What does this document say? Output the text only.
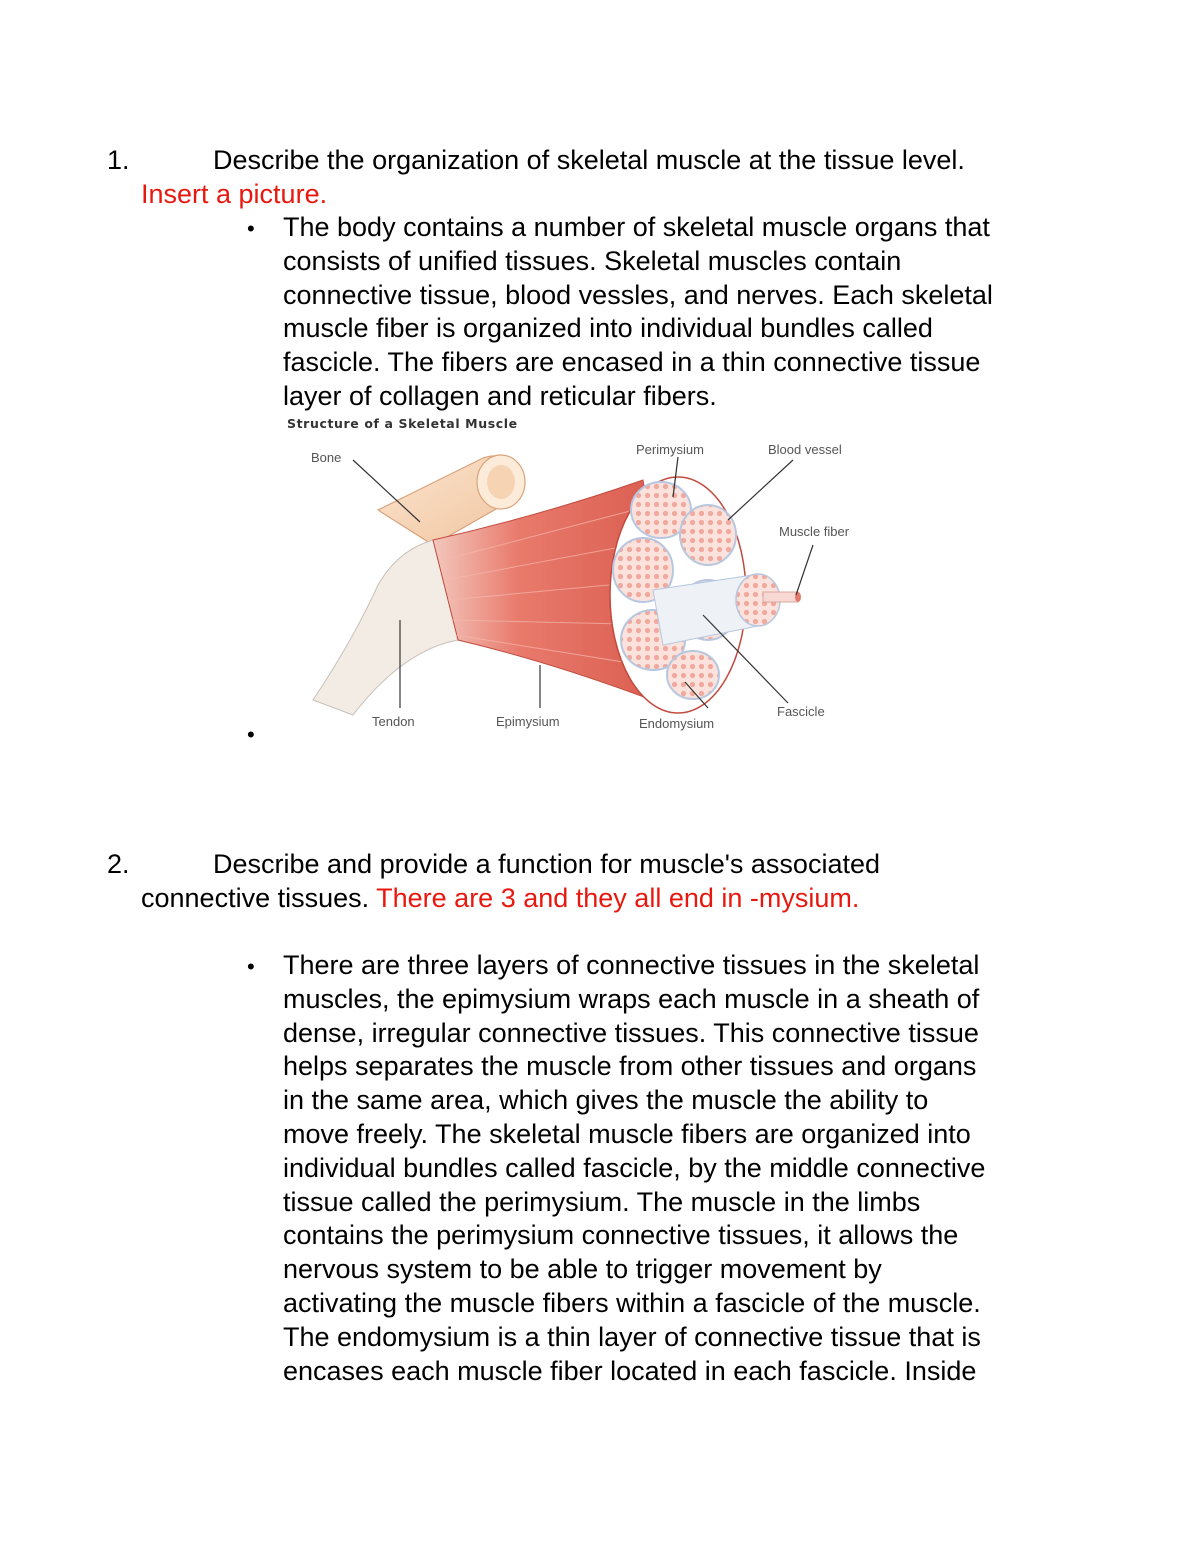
1.	Describe the organization of skeletal muscle at the tissue level.
Insert a picture.
• The body contains a number of skeletal muscle organs that
consists of unified tissues. Skeletal muscles contain
connective tissue, blood vessles, and nerves. Each skeletal
muscle fiber is organized into individual bundles called
fascicle. The fibers are encased in a thin connective tissue
layer of collagen and reticular fibers.
Structure of a Skeletal Muscle
Bone
Perimysium	Blood vessel
Muscle fiber
Tendon	Epimysium	Endomysium
Fascicle
•
2.	Describe and provide a function for muscle's associated
connective tissues. There are 3 and they all end in -mysium.
• There are three layers of connective tissues in the skeletal
muscles, the epimysium wraps each muscle in a sheath of
dense, irregular connective tissues. This connective tissue
helps separates the muscle from other tissues and organs
in the same area, which gives the muscle the ability to
move freely. The skeletal muscle fibers are organized into
individual bundles called fascicle, by the middle connective
tissue called the perimysium. The muscle in the limbs
contains the perimysium connective tissues, it allows the
nervous system to be able to trigger movement by
activating the muscle fibers within a fascicle of the muscle.
The endomysium is a thin layer of connective tissue that is
encases each muscle fiber located in each fascicle. Inside
